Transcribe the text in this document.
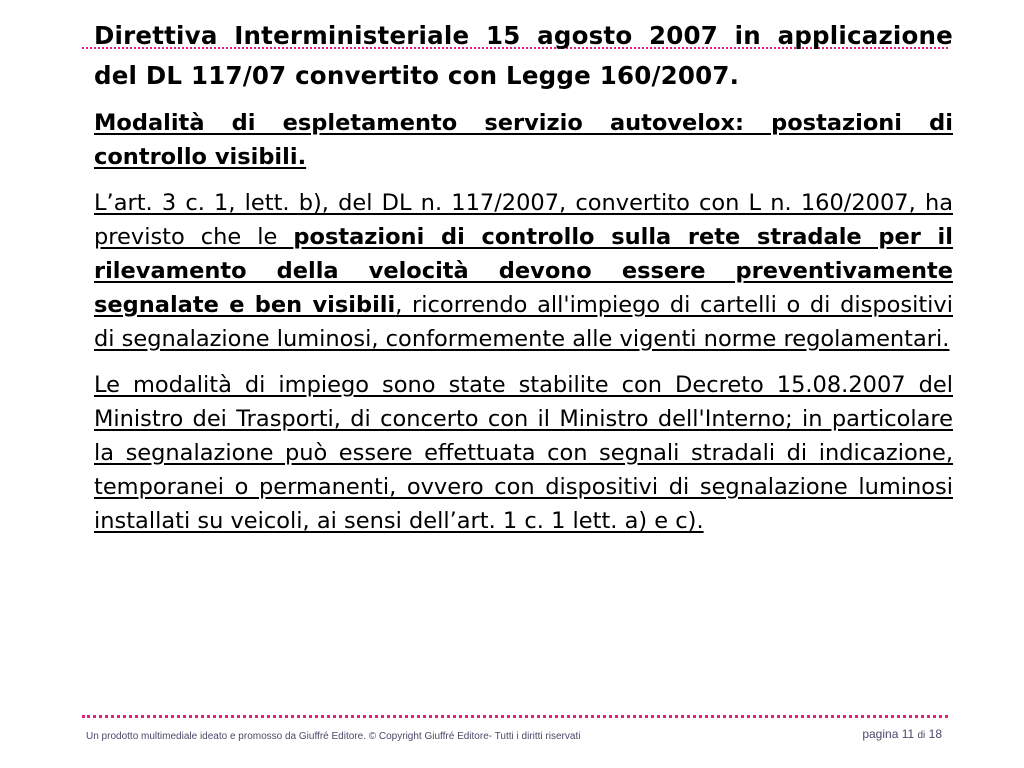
Direttiva Interministeriale 15 agosto 2007 in applicazione del DL 117/07 convertito con Legge 160/2007.

Modalità di espletamento servizio autovelox: postazioni di controllo visibili.

L’art. 3 c. 1, lett. b), del DL n. 117/2007, convertito con L n. 160/2007, ha previsto che le postazioni di controllo sulla rete stradale per il rilevamento della velocità devono essere preventivamente segnalate e ben visibili, ricorrendo all'impiego di cartelli o di dispositivi di segnalazione luminosi, conformemente alle vigenti norme regolamentari.

Le modalità di impiego sono state stabilite con Decreto 15.08.2007 del Ministro dei Trasporti, di concerto con il Ministro dell'Interno; in particolare la segnalazione può essere effettuata con segnali stradali di indicazione, temporanei o permanenti, ovvero con dispositivi di segnalazione luminosi installati su veicoli, ai sensi dell’art. 1 c. 1 lett. a) e c).

Un prodotto multimediale ideato e promosso da Giuffré Editore. © Copyright Giuffré Editore- Tutti i diritti riservati	pagina 11 di 18
